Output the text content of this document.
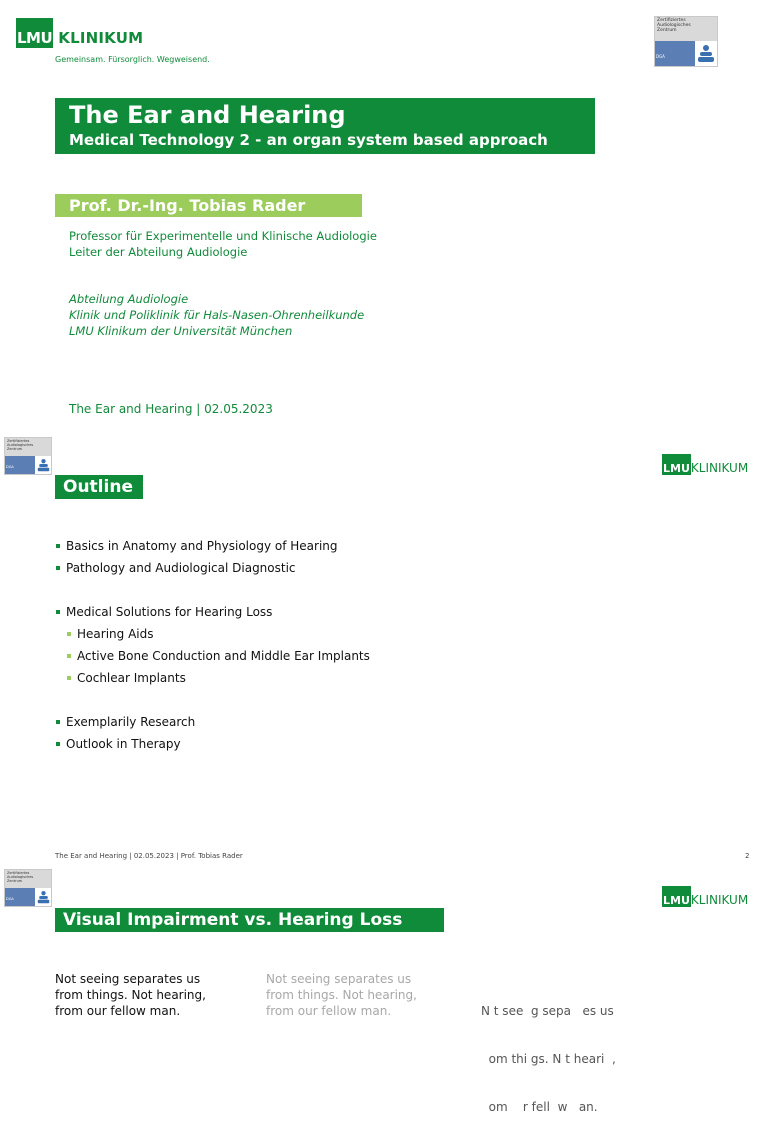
LMU KLINIKUM
Gemeinsam. Fürsorglich. Wegweisend.
Zertifiziertes
Audiologisches
Zentrum
DGA
The Ear and Hearing
Medical Technology 2 - an organ system based approach
Prof. Dr.-Ing. Tobias Rader
Professor für Experimentelle und Klinische Audiologie
Leiter der Abteilung Audiologie
Abteilung Audiologie
Klinik und Poliklinik für Hals-Nasen-Ohrenheilkunde
LMU Klinikum der Universität München
The Ear and Hearing | 02.05.2023
Zertifiziertes
Audiologisches
Zentrum
DGA	LMUKLINIKUM
Outline
Basics in Anatomy and Physiology of Hearing
Pathology and Audiological Diagnostic
Medical Solutions for Hearing Loss
Hearing Aids
Active Bone Conduction and Middle Ear Implants
Cochlear Implants
Exemplarily Research
Outlook in Therapy
The Ear and Hearing | 02.05.2023 | Prof. Tobias Rader	2
Zertifiziertes
Audiologisches
Zentrum
DGA	LMUKLINIKUM
Visual Impairment vs. Hearing Loss
Not seeing separates us
from things. Not hearing,
from our fellow man.
Not seeing separates us
from things. Not hearing,
from our fellow man.

	N t see  g sepa   es us

om thi gs. N t heari  ,

om    r fell  w   an.
